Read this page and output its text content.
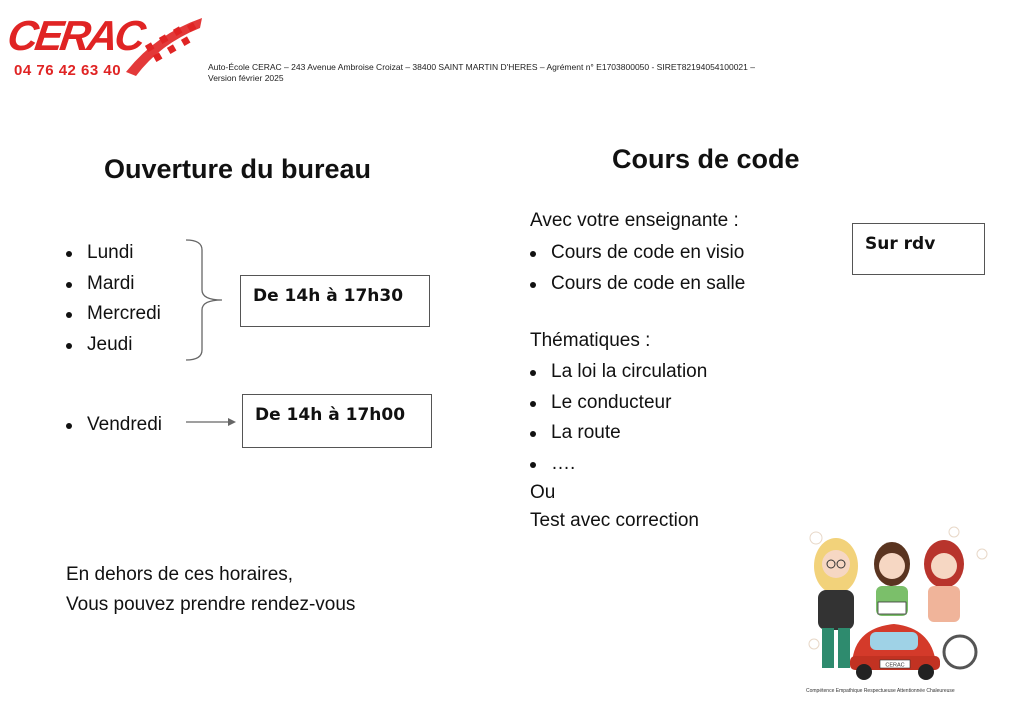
CERAC
04 76 42 63 40	Auto-École CERAC – 243 Avenue Ambroise Croizat – 38400 SAINT MARTIN D'HERES – Agrément n° E1703800050 - SIRET82194054100021 –
Version février 2025
Ouverture du bureau
Lundi
Mardi
Mercredi
Jeudi
De 14h à 17h30
Vendredi	De 14h à 17h00
En dehors de ces horaires,
Vous pouvez prendre rendez-vous
Cours de code
Avec votre enseignante :
Cours de code en visio
Cours de code en salle
Sur rdv
Thématiques :
La loi la circulation
Le conducteur
La route
….
Ou
Test avec correction
CERAC
Compétence Empathique Respectueuse Attentionnée Chaleureuse
